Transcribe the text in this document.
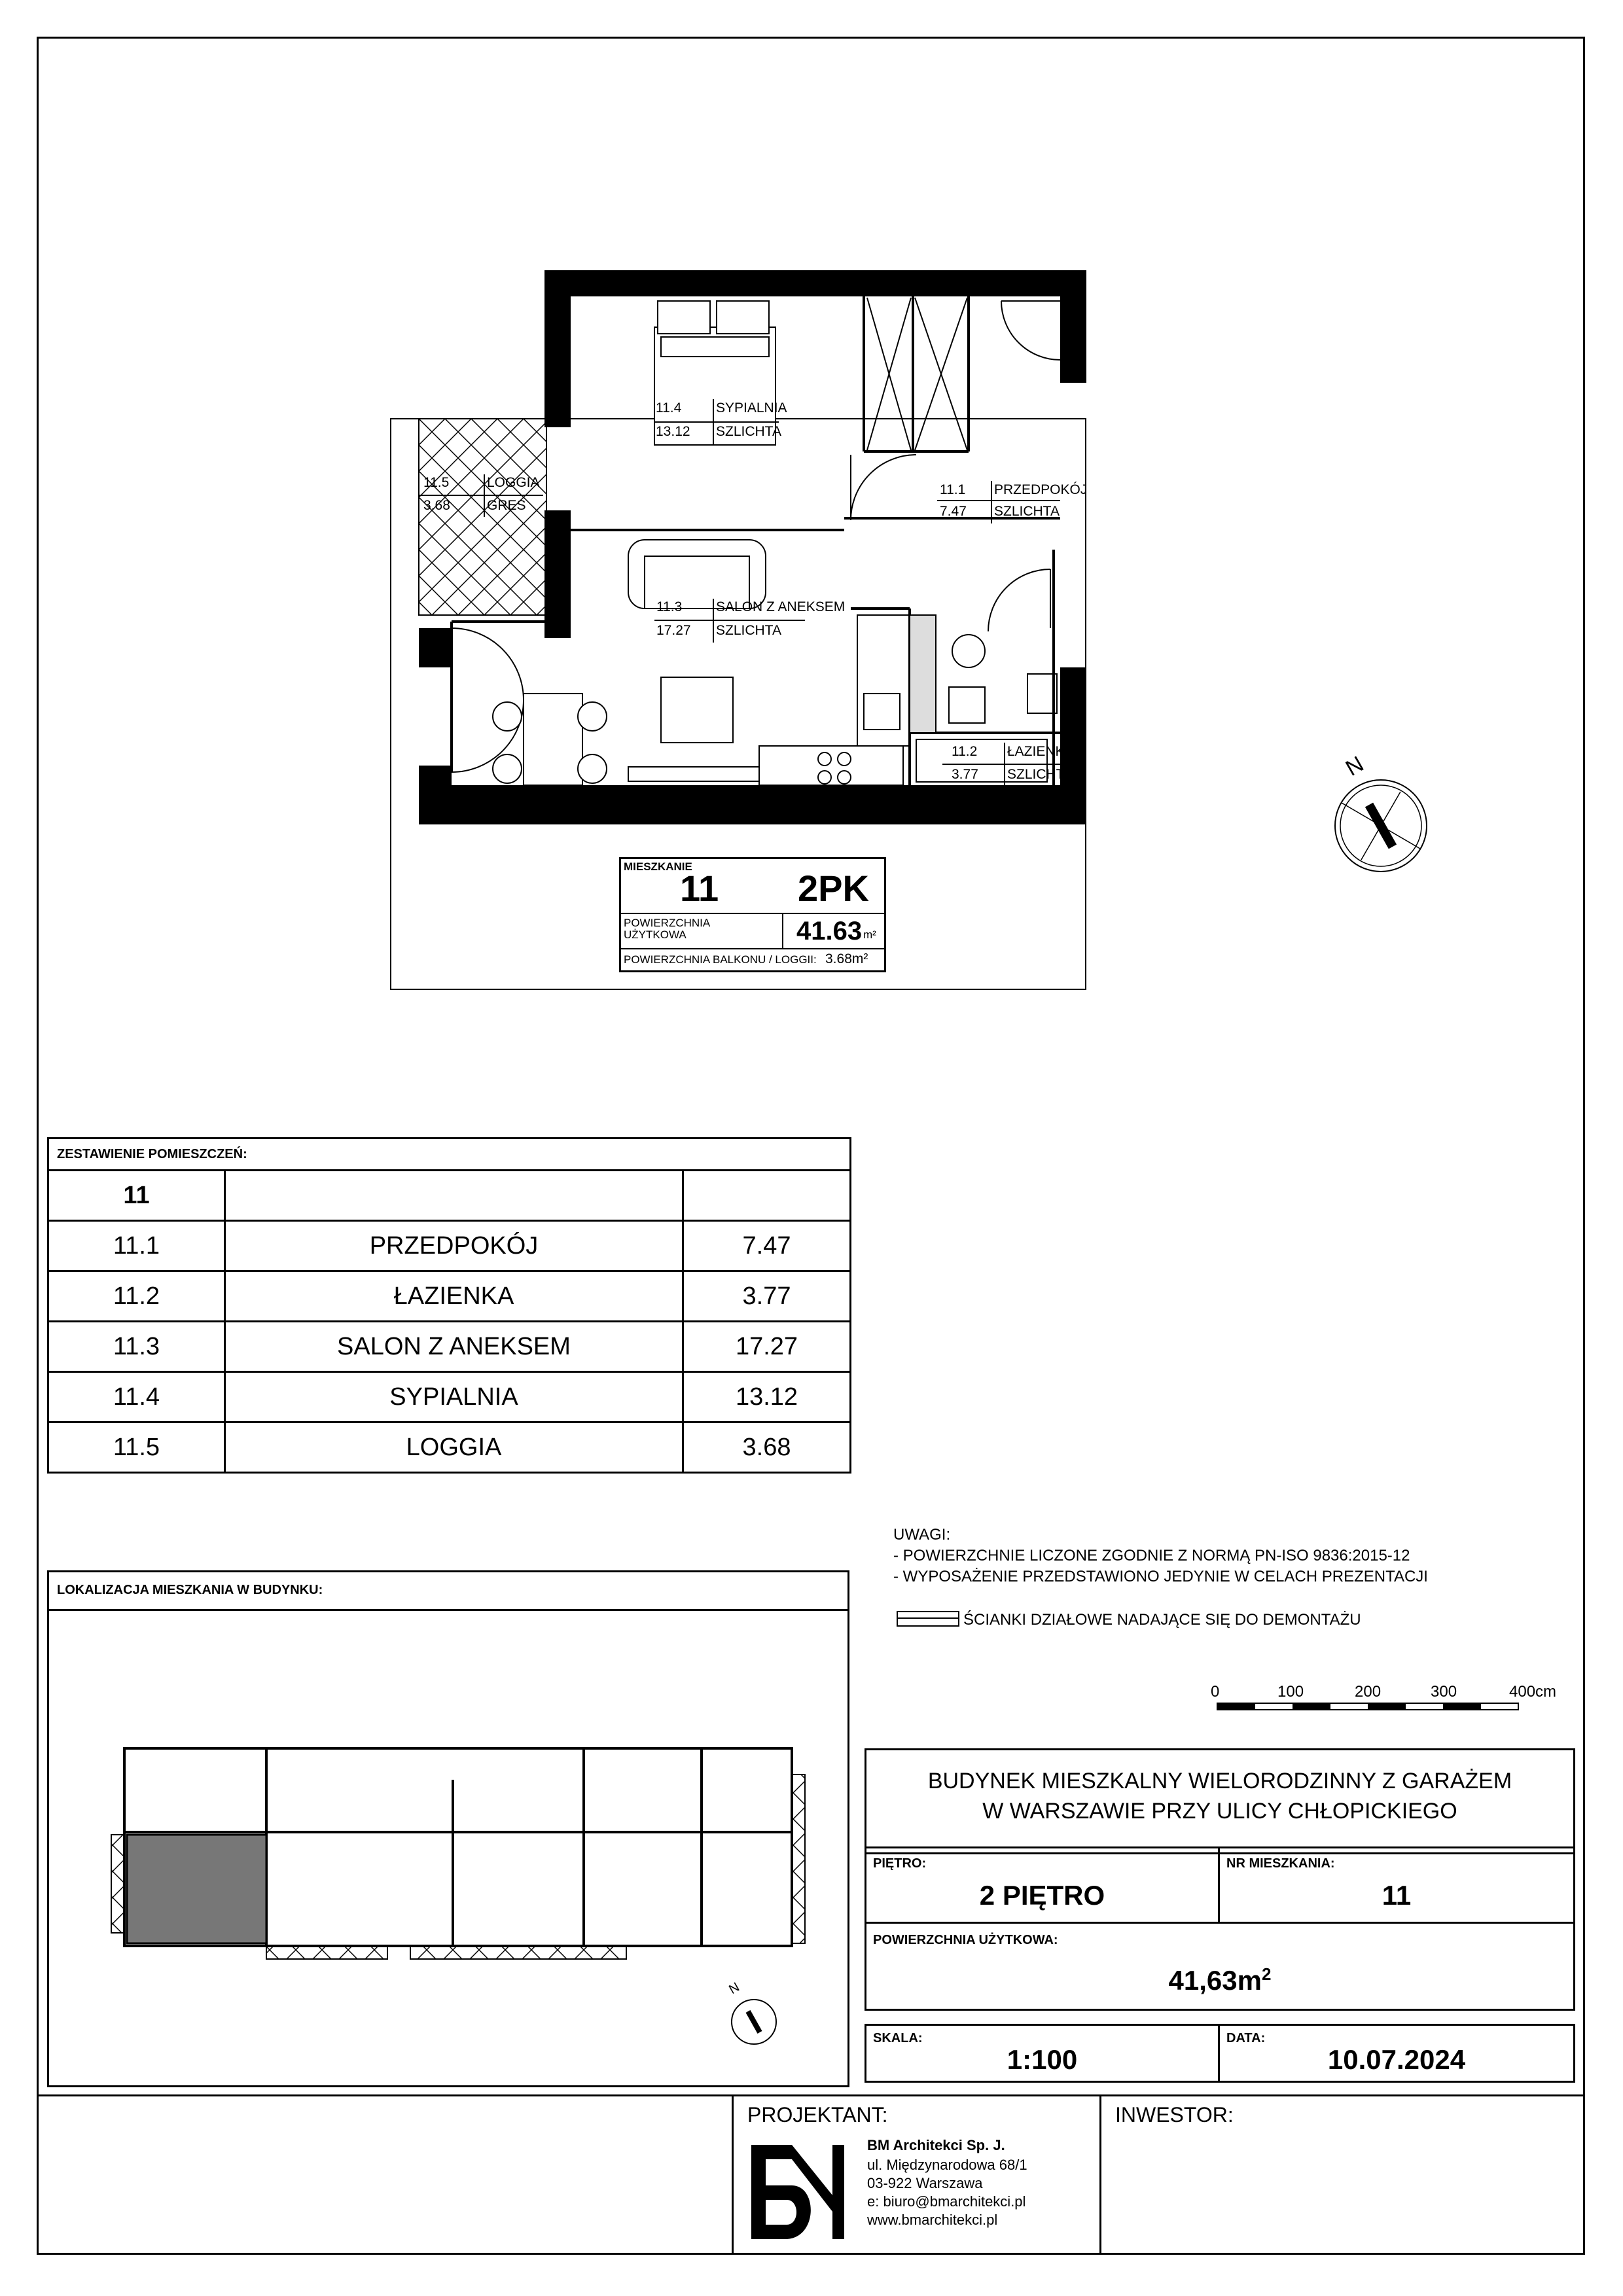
11.4
13.12
SYPIALNIA
SZLICHTA
11.5
3.68
LOGGIA
GRES
11.1
7.47
PRZEDPOKÓJ
SZLICHTA
11.3
17.27
SALON Z ANEKSEM
SZLICHTA
11.2
3.77
ŁAZIENKA
SZLICHTA	N
MIESZKANIE
11 2PK
POWIERZCHNIA
UŻYTKOWA	41.63 m²
POWIERZCHNIA BALKONU / LOGGII: 3.68m²
ZESTAWIENIE POMIESZCZEŃ:		
11		
11.1	PRZEDPOKÓJ	7.47
11.2	ŁAZIENKA	3.77
11.3	SALON Z ANEKSEM	17.27
11.4	SYPIALNIA	13.12
11.5	LOGGIA	3.68
LOKALIZACJA MIESZKANIA W BUDYNKU:
N
UWAGI:
- POWIERZCHNIE LICZONE ZGODNIE Z NORMĄ PN-ISO 9836:2015-12
- WYPOSAŻENIE PRZEDSTAWIONO JEDYNIE W CELACH PREZENTACJI
ŚCIANKI DZIAŁOWE NADAJĄCE SIĘ DO DEMONTAŻU
0	100	200	300	400cm
BUDYNEK MIESZKALNY WIELORODZINNY Z GARAŻEM
W WARSZAWIE PRZY ULICY CHŁOPICKIEGO
PIĘTRO:
2 PIĘTRO
NR MIESZKANIA:
11
POWIERZCHNIA UŻYTKOWA:
$41,63m^2$
SKALA:
1:100
DATA:
10.07.2024
PROJEKTANT:	INWESTOR:
BM Architekci Sp. J.
ul. Międzynarodowa 68/1
03-922 Warszawa
e: biuro@bmarchitekci.pl
www.bmarchitekci.pl
